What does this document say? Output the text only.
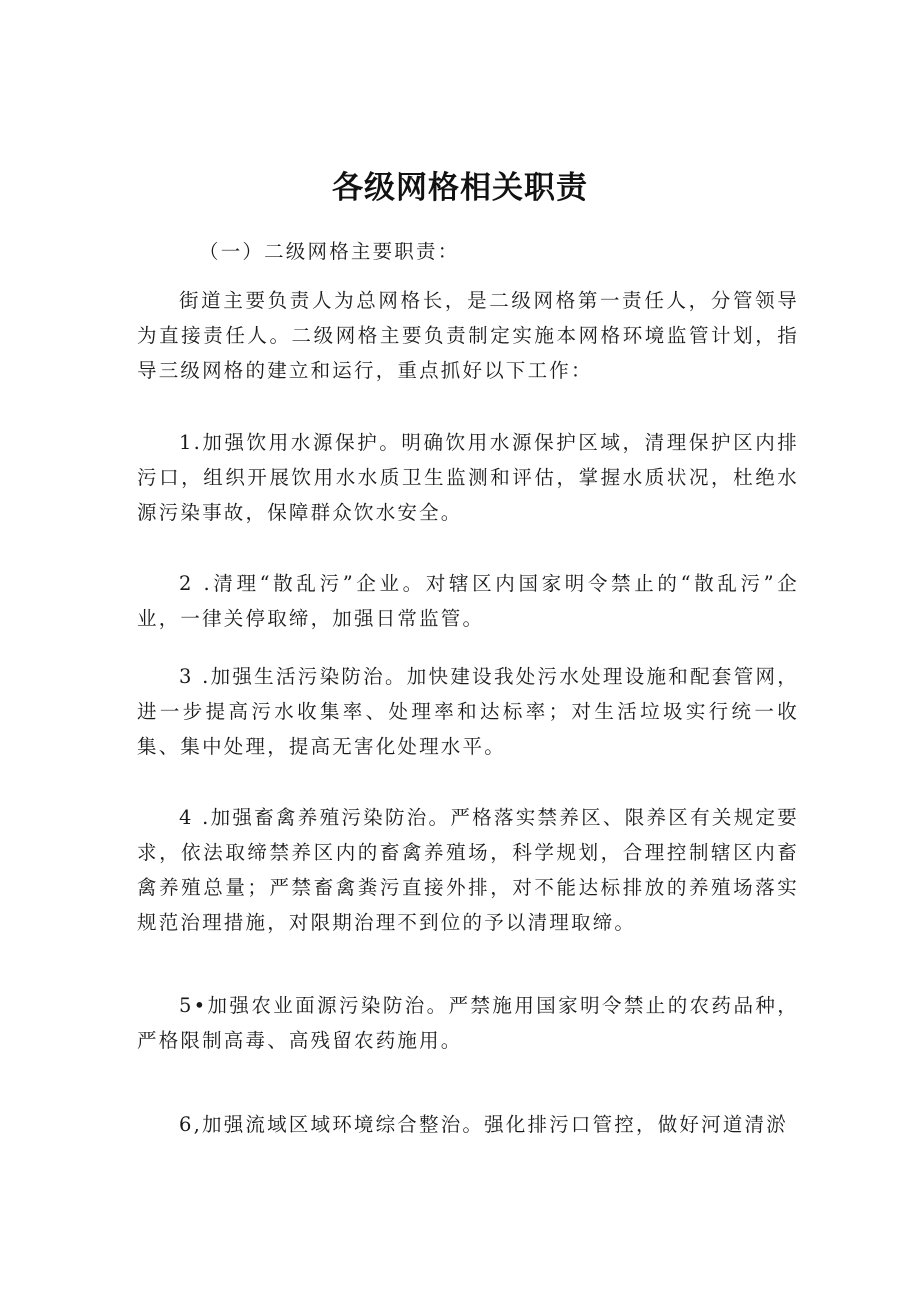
各级网格相关职责

（一）二级网格主要职责：

街道主要负责人为总网格长，是二级网格第一责任人，分管领导为直接责任人。二级网格主要负责制定实施本网格环境监管计划，指导三级网格的建立和运行，重点抓好以下工作：

1.加强饮用水源保护。明确饮用水源保护区域，清理保护区内排污口，组织开展饮用水水质卫生监测和评估，掌握水质状况，杜绝水源污染事故，保障群众饮水安全。

2 .清理“散乱污”企业。对辖区内国家明令禁止的“散乱污”企业，一律关停取缔，加强日常监管。

3 .加强生活污染防治。加快建设我处污水处理设施和配套管网，进一步提高污水收集率、处理率和达标率；对生活垃圾实行统一收集、集中处理，提高无害化处理水平。

4 .加强畜禽养殖污染防治。严格落实禁养区、限养区有关规定要求，依法取缔禁养区内的畜禽养殖场，科学规划，合理控制辖区内畜禽养殖总量；严禁畜禽粪污直接外排，对不能达标排放的养殖场落实规范治理措施，对限期治理不到位的予以清理取缔。

5•加强农业面源污染防治。严禁施用国家明令禁止的农药品种，严格限制高毒、高残留农药施用。

6,加强流域区域环境综合整治。强化排污口管控，做好河道清淤
